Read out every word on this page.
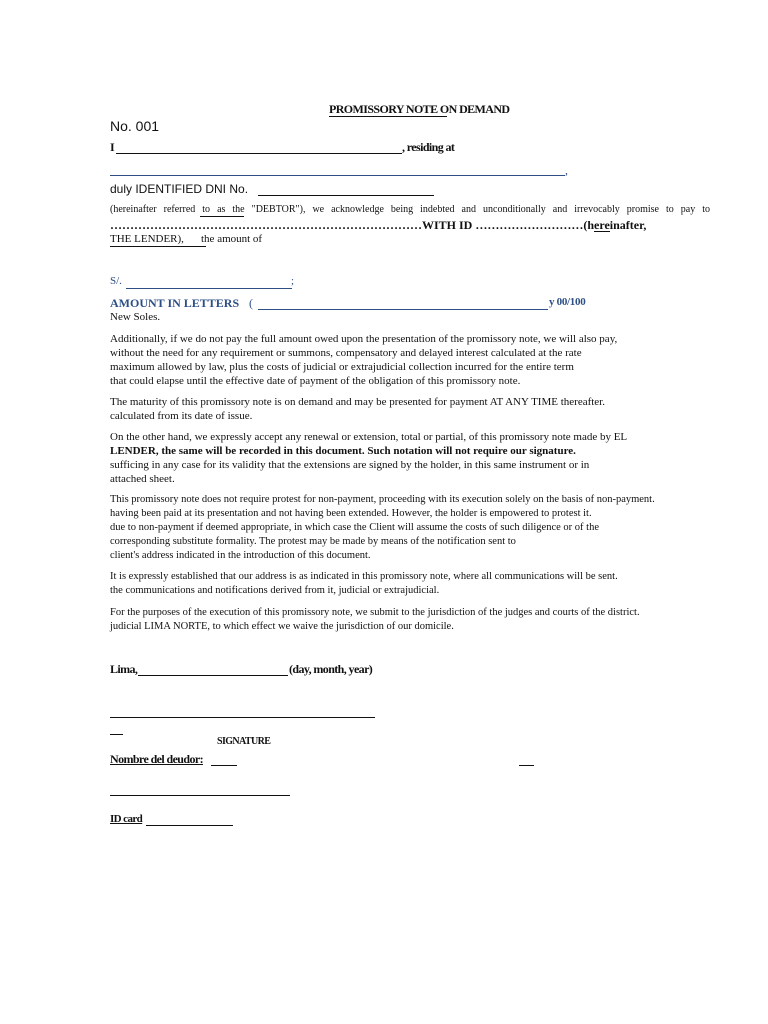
PROMISSORY NOTE ON DEMAND
No. 001
I	, residing at
,
duly IDENTIFIED DNI No.
(hereinafter referred to as the "DEBTOR"), we acknowledge being indebted and unconditionally and irrevocably promise to pay to
……………………………………………………………………WITH ID ………………………(hereinafter,
THE LENDER), the amount of
S/.	;
AMOUNT IN LETTERS (	y 00/100
New Soles.
Additionally, if we do not pay the full amount owed upon the presentation of the promissory note, we will also pay,
without the need for any requirement or summons, compensatory and delayed interest calculated at the rate
maximum allowed by law, plus the costs of judicial or extrajudicial collection incurred for the entire term
that could elapse until the effective date of payment of the obligation of this promissory note.
The maturity of this promissory note is on demand and may be presented for payment AT ANY TIME thereafter.
calculated from its date of issue.
On the other hand, we expressly accept any renewal or extension, total or partial, of this promissory note made by EL
LENDER, the same will be recorded in this document. Such notation will not require our signature.
sufficing in any case for its validity that the extensions are signed by the holder, in this same instrument or in
attached sheet.
This promissory note does not require protest for non-payment, proceeding with its execution solely on the basis of non-payment.
having been paid at its presentation and not having been extended. However, the holder is empowered to protest it.
due to non-payment if deemed appropriate, in which case the Client will assume the costs of such diligence or of the
corresponding substitute formality. The protest may be made by means of the notification sent to
client's address indicated in the introduction of this document.
It is expressly established that our address is as indicated in this promissory note, where all communications will be sent.
the communications and notifications derived from it, judicial or extrajudicial.
For the purposes of the execution of this promissory note, we submit to the jurisdiction of the judges and courts of the district.
judicial LIMA NORTE, to which effect we waive the jurisdiction of our domicile.
Lima,	(day, month, year)
SIGNATURE
Nombre del deudor:
ID card
